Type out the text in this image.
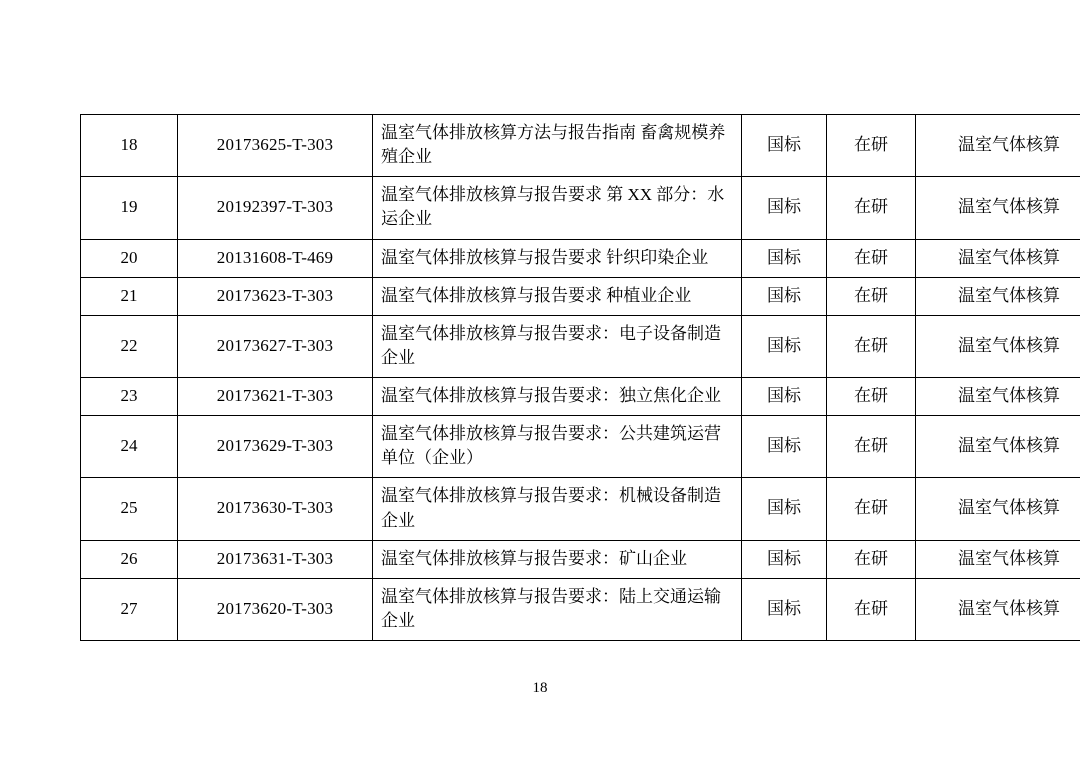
18	20173625-T-303	温室气体排放核算方法与报告指南 畜禽规模养殖企业	国标	在研	温室气体核算
19	20192397-T-303	温室气体排放核算与报告要求 第 XX 部分：水运企业	国标	在研	温室气体核算
20	20131608-T-469	温室气体排放核算与报告要求 针织印染企业	国标	在研	温室气体核算
21	20173623-T-303	温室气体排放核算与报告要求 种植业企业	国标	在研	温室气体核算
22	20173627-T-303	温室气体排放核算与报告要求：电子设备制造企业	国标	在研	温室气体核算
23	20173621-T-303	温室气体排放核算与报告要求：独立焦化企业	国标	在研	温室气体核算
24	20173629-T-303	温室气体排放核算与报告要求：公共建筑运营单位（企业）	国标	在研	温室气体核算
25	20173630-T-303	温室气体排放核算与报告要求：机械设备制造企业	国标	在研	温室气体核算
26	20173631-T-303	温室气体排放核算与报告要求：矿山企业	国标	在研	温室气体核算
27	20173620-T-303	温室气体排放核算与报告要求：陆上交通运输企业	国标	在研	温室气体核算
18
